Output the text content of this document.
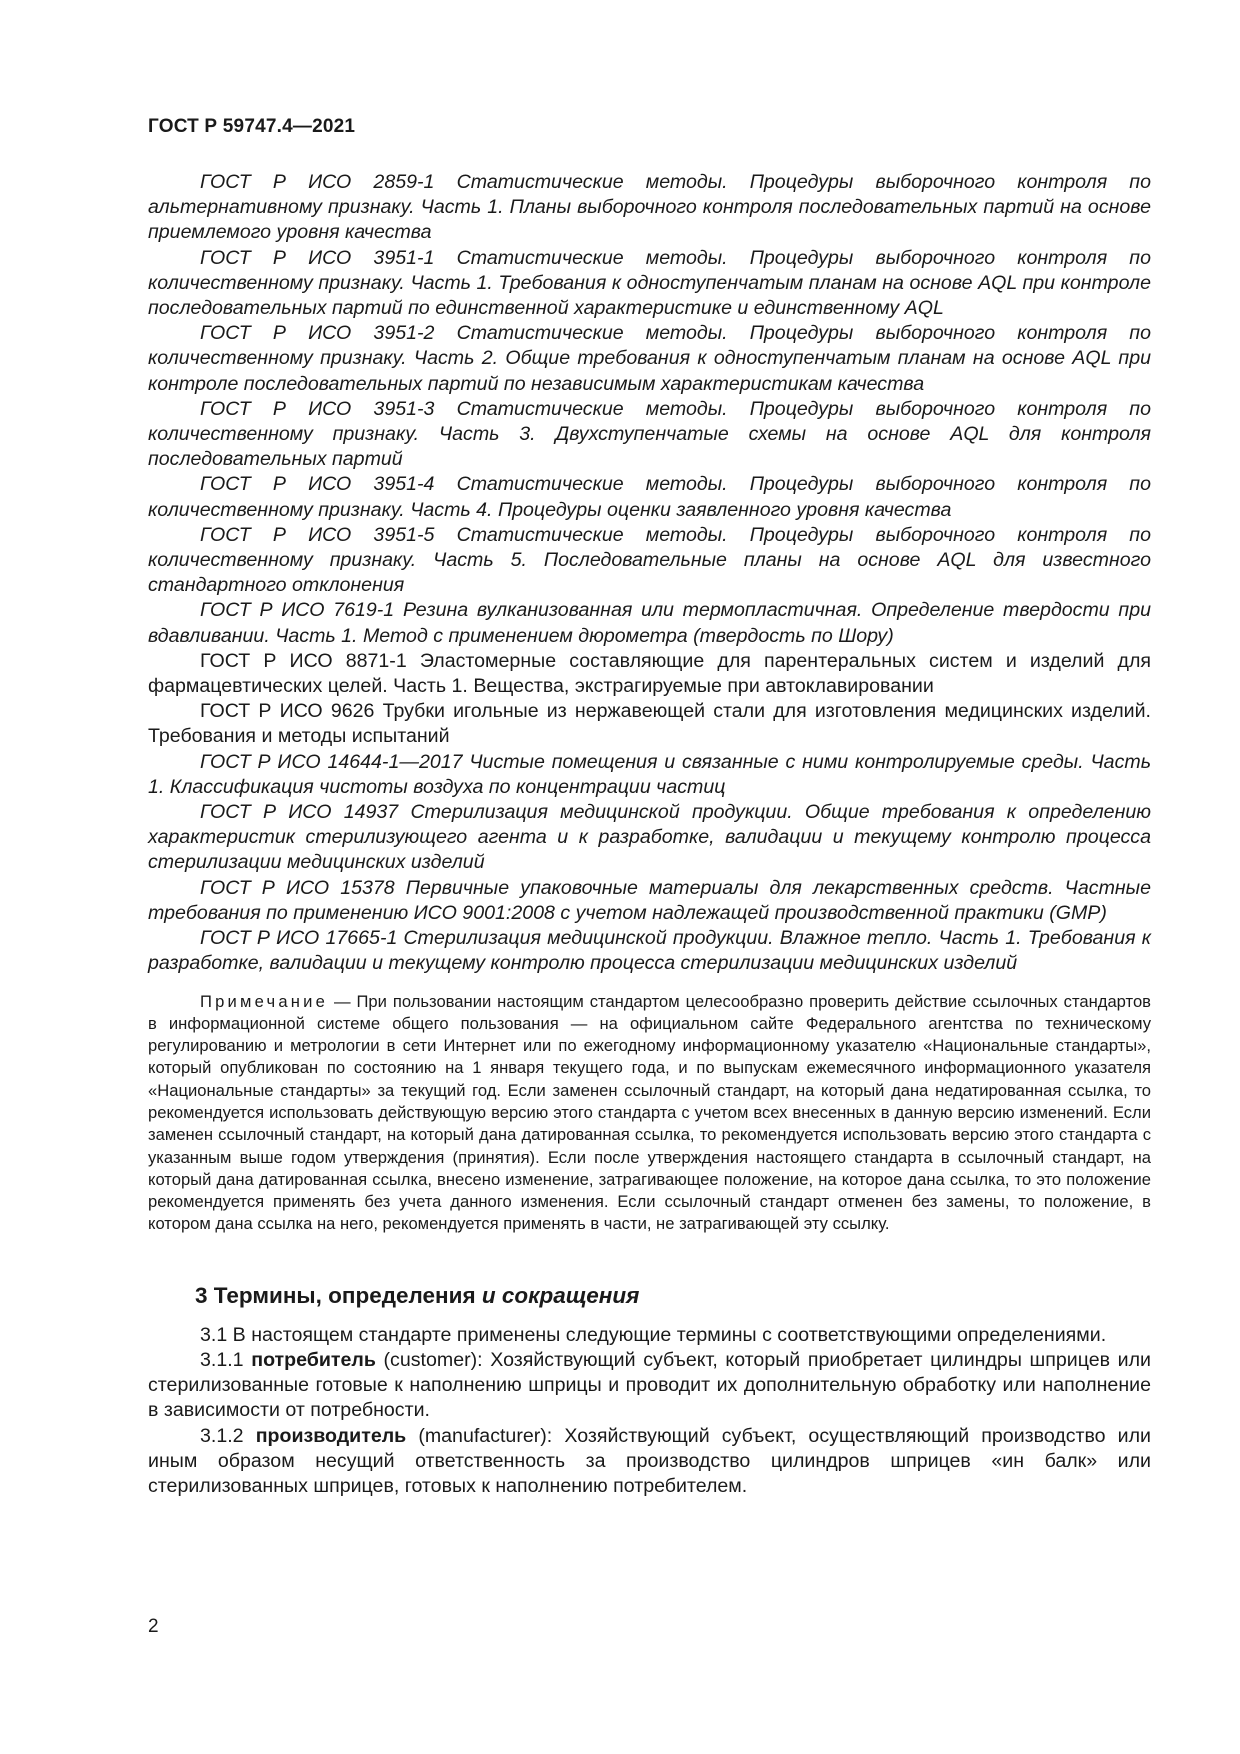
ГОСТ Р 59747.4—2021

ГОСТ Р ИСО 2859-1 Статистические методы. Процедуры выборочного контроля по альтернативному признаку. Часть 1. Планы выборочного контроля последовательных партий на основе приемлемого уровня качества

ГОСТ Р ИСО 3951-1 Статистические методы. Процедуры выборочного контроля по количественному признаку. Часть 1. Требования к одноступенчатым планам на основе AQL при контроле последовательных партий по единственной характеристике и единственному AQL

ГОСТ Р ИСО 3951-2 Статистические методы. Процедуры выборочного контроля по количественному признаку. Часть 2. Общие требования к одноступенчатым планам на основе AQL при контроле последовательных партий по независимым характеристикам качества

ГОСТ Р ИСО 3951-3 Статистические методы. Процедуры выборочного контроля по количественному признаку. Часть 3. Двухступенчатые схемы на основе AQL для контроля последовательных партий

ГОСТ Р ИСО 3951-4 Статистические методы. Процедуры выборочного контроля по количественному признаку. Часть 4. Процедуры оценки заявленного уровня качества

ГОСТ Р ИСО 3951-5 Статистические методы. Процедуры выборочного контроля по количественному признаку. Часть 5. Последовательные планы на основе AQL для известного стандартного отклонения

ГОСТ Р ИСО 7619-1 Резина вулканизованная или термопластичная. Определение твердости при вдавливании. Часть 1. Метод с применением дюрометра (твердость по Шору)

ГОСТ Р ИСО 8871-1 Эластомерные составляющие для парентеральных систем и изделий для фармацевтических целей. Часть 1. Вещества, экстрагируемые при автоклавировании

ГОСТ Р ИСО 9626 Трубки игольные из нержавеющей стали для изготовления медицинских изделий. Требования и методы испытаний

ГОСТ Р ИСО 14644-1—2017 Чистые помещения и связанные с ними контролируемые среды. Часть 1. Классификация чистоты воздуха по концентрации частиц

ГОСТ Р ИСО 14937 Стерилизация медицинской продукции. Общие требования к определению характеристик стерилизующего агента и к разработке, валидации и текущему контролю процесса стерилизации медицинских изделий

ГОСТ Р ИСО 15378 Первичные упаковочные материалы для лекарственных средств. Частные требования по применению ИСО 9001:2008 с учетом надлежащей производственной практики (GMP)

ГОСТ Р ИСО 17665-1 Стерилизация медицинской продукции. Влажное тепло. Часть 1. Требования к разработке, валидации и текущему контролю процесса стерилизации медицинских изделий

Примечание — При пользовании настоящим стандартом целесообразно проверить действие ссылочных стандартов в информационной системе общего пользования — на официальном сайте Федерального агентства по техническому регулированию и метрологии в сети Интернет или по ежегодному информационному указателю «Национальные стандарты», который опубликован по состоянию на 1 января текущего года, и по выпускам ежемесячного информационного указателя «Национальные стандарты» за текущий год. Если заменен ссылочный стандарт, на который дана недатированная ссылка, то рекомендуется использовать действующую версию этого стандарта с учетом всех внесенных в данную версию изменений. Если заменен ссылочный стандарт, на который дана датированная ссылка, то рекомендуется использовать версию этого стандарта с указанным выше годом утверждения (принятия). Если после утверждения настоящего стандарта в ссылочный стандарт, на который дана датированная ссылка, внесено изменение, затрагивающее положение, на которое дана ссылка, то это положение рекомендуется применять без учета данного изменения. Если ссылочный стандарт отменен без замены, то положение, в котором дана ссылка на него, рекомендуется применять в части, не затрагивающей эту ссылку.

3 Термины, определения и сокращения

3.1 В настоящем стандарте применены следующие термины с соответствующими определениями.

3.1.1 потребитель (customer): Хозяйствующий субъект, который приобретает цилиндры шприцев или стерилизованные готовые к наполнению шприцы и проводит их дополнительную обработку или наполнение в зависимости от потребности.

3.1.2 производитель (manufacturer): Хозяйствующий субъект, осуществляющий производство или иным образом несущий ответственность за производство цилиндров шприцев «ин балк» или стерилизованных шприцев, готовых к наполнению потребителем.

2
